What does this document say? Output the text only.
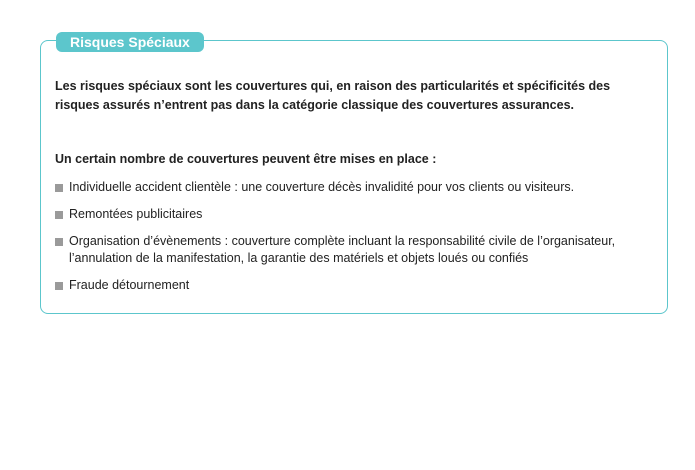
Risques Spéciaux

Les risques spéciaux sont les couvertures qui, en raison des particularités et spécificités des risques assurés n’entrent pas dans la catégorie classique des couvertures assurances.

Un certain nombre de couvertures peuvent être mises en place :

Individuelle accident clientèle : une couverture décès invalidité pour vos clients ou visiteurs.
Remontées publicitaires
Organisation d’évènements : couverture complète incluant la responsabilité civile de l’organisateur, l’annulation de la manifestation, la garantie des matériels et objets loués ou confiés
Fraude détournement
